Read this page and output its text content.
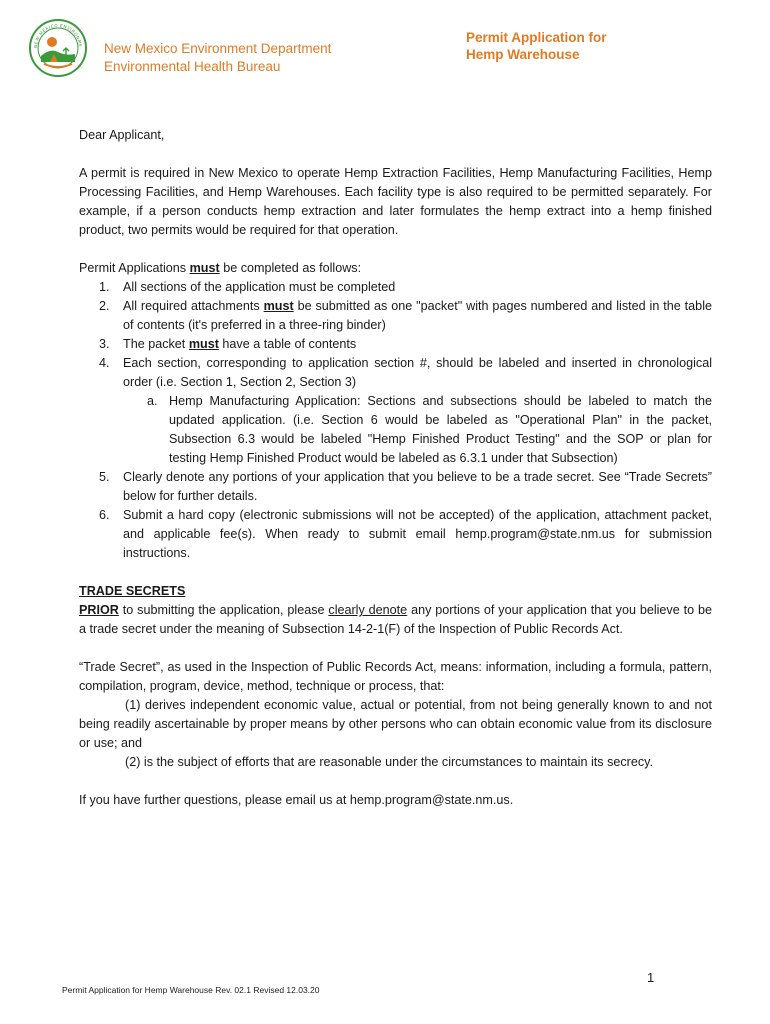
NEW MEXICO ENVIRONME New Mexico Environment Department
Environmental Health Bureau
Permit Application for
Hemp Warehouse

Dear Applicant,

A permit is required in New Mexico to operate Hemp Extraction Facilities, Hemp Manufacturing Facilities, Hemp Processing Facilities, and Hemp Warehouses. Each facility type is also required to be permitted separately. For example, if a person conducts hemp extraction and later formulates the hemp extract into a hemp finished product, two permits would be required for that operation.

Permit Applications must be completed as follows:

1. All sections of the application must be completed
2. All required attachments must be submitted as one "packet" with pages numbered and listed in the table of contents (it's preferred in a three-ring binder)
3. The packet must have a table of contents
4. Each section, corresponding to application section #, should be labeled and inserted in chronological order (i.e. Section 1, Section 2, Section 3)
a. Hemp Manufacturing Application: Sections and subsections should be labeled to match the updated application. (i.e. Section 6 would be labeled as "Operational Plan" in the packet, Subsection 6.3 would be labeled "Hemp Finished Product Testing" and the SOP or plan for testing Hemp Finished Product would be labeled as 6.3.1 under that Subsection)
5. Clearly denote any portions of your application that you believe to be a trade secret. See “Trade Secrets” below for further details.
6. Submit a hard copy (electronic submissions will not be accepted) of the application, attachment packet, and applicable fee(s). When ready to submit email hemp.program@state.nm.us for submission instructions.

TRADE SECRETS

PRIOR to submitting the application, please clearly denote any portions of your application that you believe to be a trade secret under the meaning of Subsection 14-2-1(F) of the Inspection of Public Records Act.

“Trade Secret”, as used in the Inspection of Public Records Act, means: information, including a formula, pattern, compilation, program, device, method, technique or process, that:

(1) derives independent economic value, actual or potential, from not being generally known to and not being readily ascertainable by proper means by other persons who can obtain economic value from its disclosure or use; and

(2) is the subject of efforts that are reasonable under the circumstances to maintain its secrecy.

If you have further questions, please email us at hemp.program@state.nm.us.

1
Permit Application for Hemp Warehouse Rev. 02.1 Revised 12.03.20
